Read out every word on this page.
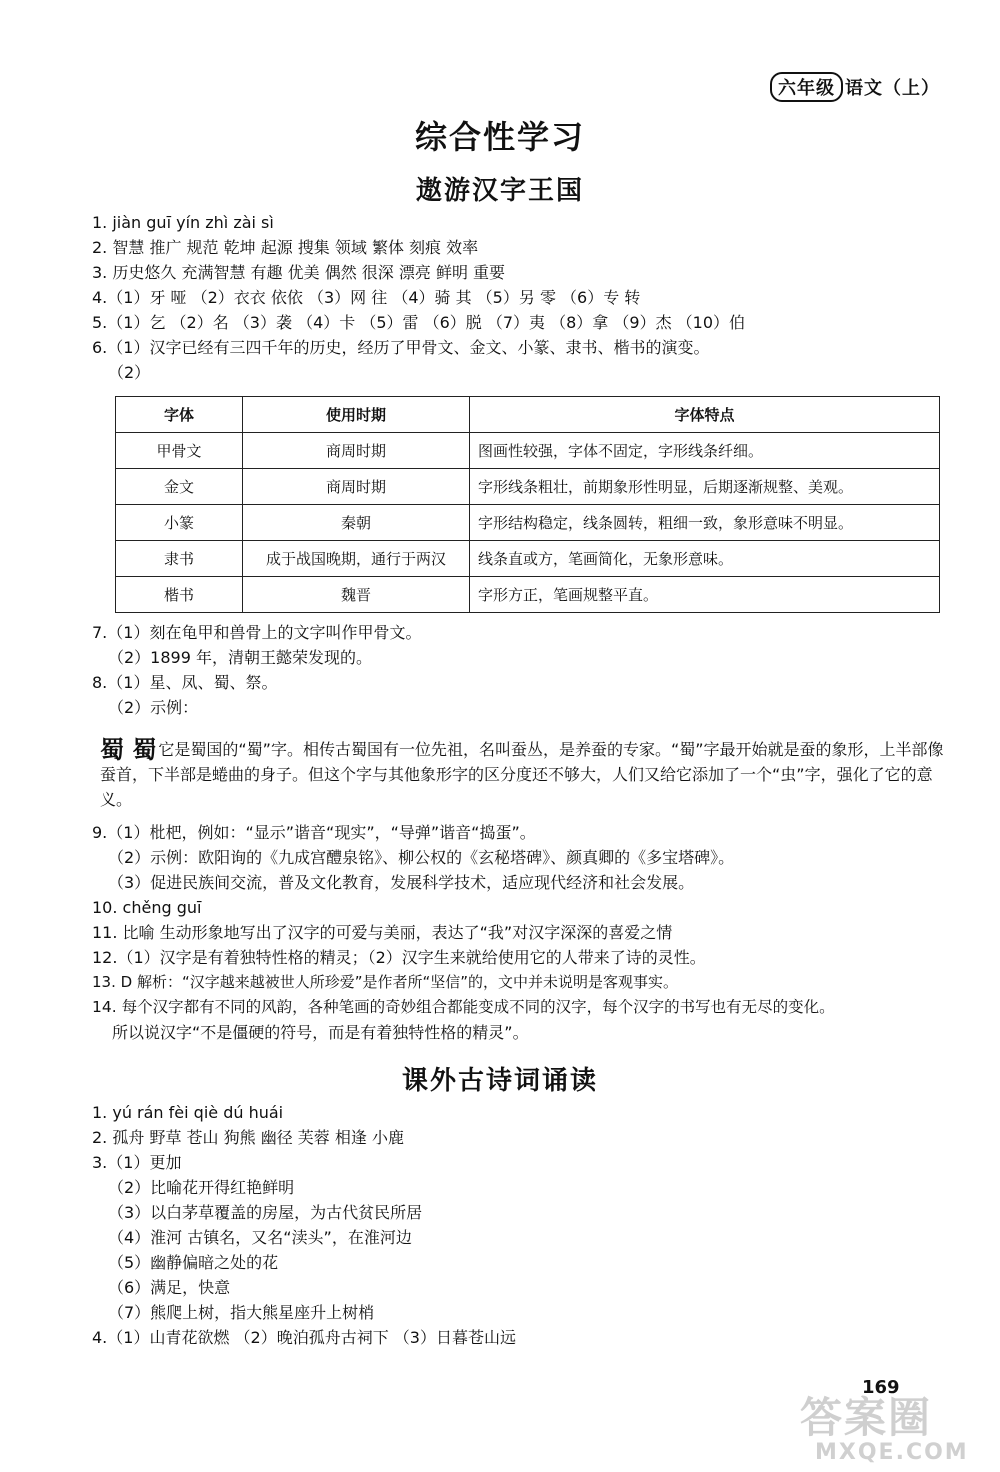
六年级 语文（上）
综合性学习
遨游汉字王国
1. jiàn guī yín zhì zài sì
2. 智慧 推广 规范 乾坤 起源 搜集 领域 繁体 刻痕 效率
3. 历史悠久 充满智慧 有趣 优美 偶然 很深 漂亮 鲜明 重要
4.（1）牙 哑 （2）衣衣 依依 （3）网 往 （4）骑 其 （5）另 零 （6）专 转
5.（1）乞 （2）名 （3）袭 （4）卡 （5）雷 （6）脱 （7）夷 （8）拿 （9）杰 （10）伯
6.（1）汉字已经有三四千年的历史，经历了甲骨文、金文、小篆、隶书、楷书的演变。
（2）
字体	使用时期	字体特点
甲骨文	商周时期	图画性较强，字体不固定，字形线条纤细。
金文	商周时期	字形线条粗壮，前期象形性明显，后期逐渐规整、美观。
小篆	秦朝	字形结构稳定，线条圆转，粗细一致，象形意味不明显。
隶书	成于战国晚期，通行于两汉	线条直或方，笔画简化，无象形意味。
楷书	魏晋	字形方正，笔画规整平直。
7.（1）刻在龟甲和兽骨上的文字叫作甲骨文。
（2）1899 年，清朝王懿荣发现的。
8.（1）星、凤、蜀、祭。
（2）示例：
蜀 蜀 它是蜀国的“蜀”字。相传古蜀国有一位先祖，名叫蚕丛，是养蚕的专家。“蜀”字最开始就是蚕的象形，上半部像蚕首，下半部是蜷曲的身子。但这个字与其他象形字的区分度还不够大，人们又给它添加了一个“虫”字，强化了它的意义。
9.（1）枇杷，例如：“显示”谐音“现实”，“导弹”谐音“捣蛋”。
（2）示例：欧阳询的《九成宫醴泉铭》、柳公权的《玄秘塔碑》、颜真卿的《多宝塔碑》。
（3）促进民族间交流，普及文化教育，发展科学技术，适应现代经济和社会发展。
10. chěng guī
11. 比喻 生动形象地写出了汉字的可爱与美丽，表达了“我”对汉字深深的喜爱之情
12.（1）汉字是有着独特性格的精灵；（2）汉字生来就给使用它的人带来了诗的灵性。
13. D 解析：“汉字越来越被世人所珍爱”是作者所“坚信”的，文中并未说明是客观事实。
14. 每个汉字都有不同的风韵，各种笔画的奇妙组合都能变成不同的汉字，每个汉字的书写也有无尽的变化。
所以说汉字“不是僵硬的符号，而是有着独特性格的精灵”。
课外古诗词诵读
1. yú rán fèi qiè dú huái
2. 孤舟 野草 苍山 狗熊 幽径 芙蓉 相逢 小鹿
3.（1）更加
（2）比喻花开得红艳鲜明
（3）以白茅草覆盖的房屋，为古代贫民所居
（4）淮河 古镇名，又名“渎头”，在淮河边
（5）幽静偏暗之处的花
（6）满足，快意
（7）熊爬上树，指大熊星座升上树梢
4.（1）山青花欲燃 （2）晚泊孤舟古祠下 （3）日暮苍山远
答案圈
MXQE.COM
169
